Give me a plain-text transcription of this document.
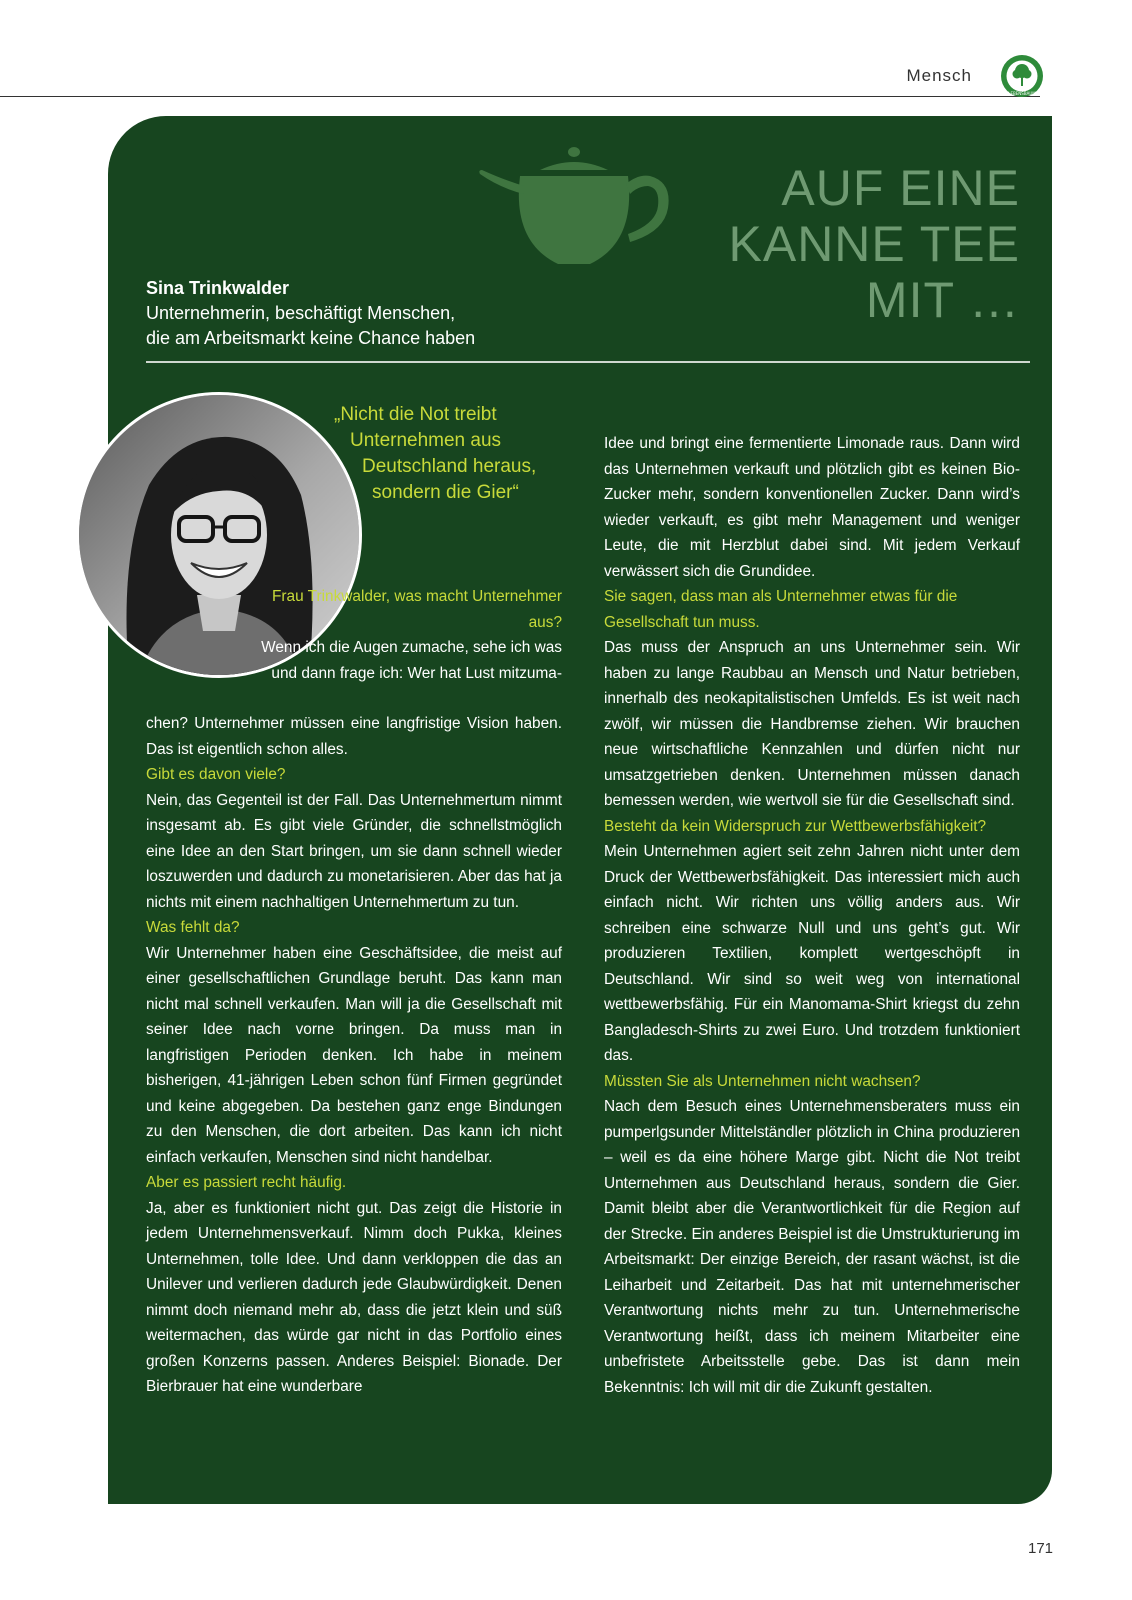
Mensch
LEBENSBAUM
AUF EINE
KANNE TEE
MIT …
Sina Trinkwalder
Unternehmerin, beschäftigt Menschen,
die am Arbeitsmarkt keine Chance haben
„Nicht die Not treibt
Unternehmen aus
Deutschland heraus,
sondern die Gier“

Frau Trinkwalder, was macht Unternehmer aus?

Wenn ich die Augen zumache, sehe ich was und dann frage ich: Wer hat Lust mitzuma-

chen? Unternehmer müssen eine langfristige Vision haben. Das ist eigentlich schon alles.

Gibt es davon viele?

Nein, das Gegenteil ist der Fall. Das Unternehmertum nimmt insgesamt ab. Es gibt viele Gründer, die schnellstmöglich eine Idee an den Start bringen, um sie dann schnell wieder loszuwerden und dadurch zu monetarisieren. Aber das hat ja nichts mit einem nachhaltigen Unternehmertum zu tun.

Was fehlt da?

Wir Unternehmer haben eine Geschäftsidee, die meist auf einer gesellschaftlichen Grundlage beruht. Das kann man nicht mal schnell verkaufen. Man will ja die Gesellschaft mit seiner Idee nach vorne bringen. Da muss man in langfristigen Perioden denken. Ich habe in meinem bisherigen, 41-jährigen Leben schon fünf Firmen gegründet und keine abgegeben. Da bestehen ganz enge Bindungen zu den Menschen, die dort arbeiten. Das kann ich nicht einfach verkaufen, Menschen sind nicht handelbar.

Aber es passiert recht häufig.

Ja, aber es funktioniert nicht gut. Das zeigt die Historie in jedem Unternehmensverkauf. Nimm doch Pukka, kleines Unternehmen, tolle Idee. Und dann verkloppen die das an Unilever und verlieren dadurch jede Glaubwürdigkeit. Denen nimmt doch niemand mehr ab, dass die jetzt klein und süß weitermachen, das würde gar nicht in das Portfolio eines großen Konzerns passen. Anderes Beispiel: Bionade. Der Bierbrauer hat eine wunderbare

Idee und bringt eine fermentierte Limonade raus. Dann wird das Unternehmen verkauft und plötzlich gibt es keinen Bio-Zucker mehr, sondern konventionellen Zucker. Dann wird’s wieder verkauft, es gibt mehr Management und weniger Leute, die mit Herzblut dabei sind. Mit jedem Verkauf verwässert sich die Grundidee.

Sie sagen, dass man als Unternehmer etwas für die Gesellschaft tun muss.

Das muss der Anspruch an uns Unternehmer sein. Wir haben zu lange Raubbau an Mensch und Natur betrieben, innerhalb des neokapitalistischen Umfelds. Es ist weit nach zwölf, wir müssen die Handbremse ziehen. Wir brauchen neue wirtschaftliche Kennzahlen und dürfen nicht nur umsatzgetrieben denken. Unternehmen müssen danach bemessen werden, wie wertvoll sie für die Gesellschaft sind.

Besteht da kein Widerspruch zur Wettbewerbsfähigkeit?

Mein Unternehmen agiert seit zehn Jahren nicht unter dem Druck der Wettbewerbsfähigkeit. Das interessiert mich auch einfach nicht. Wir richten uns völlig anders aus. Wir schreiben eine schwarze Null und uns geht’s gut. Wir produzieren Textilien, komplett wertgeschöpft in Deutschland. Wir sind so weit weg von international wettbewerbsfähig. Für ein Manomama-Shirt kriegst du zehn Bangladesch-Shirts zu zwei Euro. Und trotzdem funktioniert das.

Müssten Sie als Unternehmen nicht wachsen?

Nach dem Besuch eines Unternehmensberaters muss ein pumperlgsunder Mittelständler plötzlich in China produzieren – weil es da eine höhere Marge gibt. Nicht die Not treibt Unternehmen aus Deutschland heraus, sondern die Gier. Damit bleibt aber die Verantwortlichkeit für die Region auf der Strecke. Ein anderes Beispiel ist die Umstrukturierung im Arbeitsmarkt: Der einzige Bereich, der rasant wächst, ist die Leiharbeit und Zeitarbeit. Das hat mit unternehmerischer Verantwortung nichts mehr zu tun. Unternehmerische Verantwortung heißt, dass ich meinem Mitarbeiter eine unbefristete Arbeitsstelle gebe. Das ist dann mein Bekenntnis: Ich will mit dir die Zukunft gestalten.

171
